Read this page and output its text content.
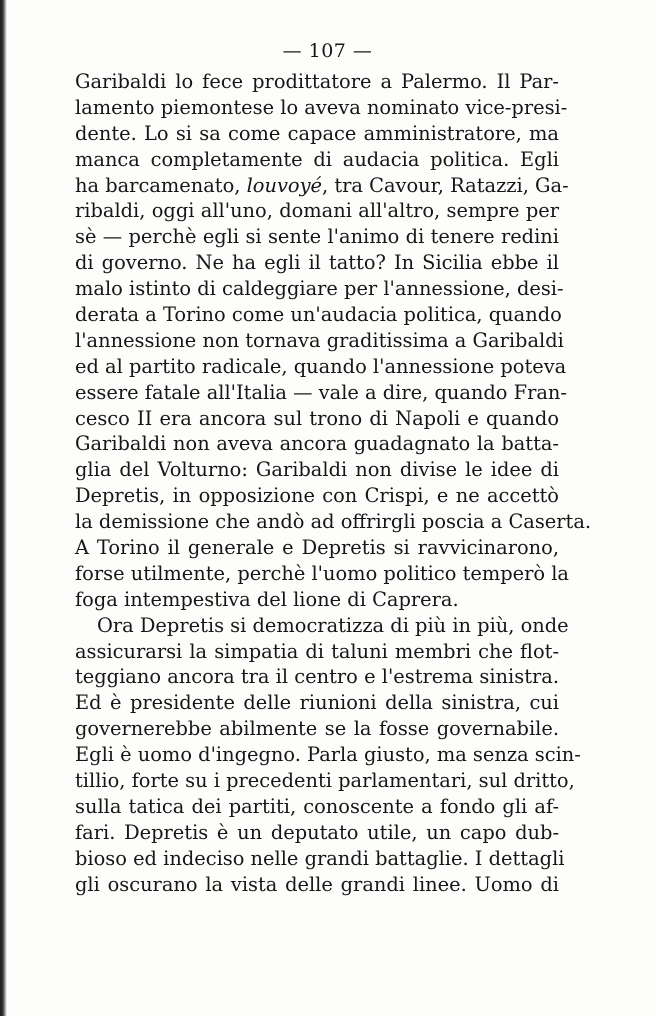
— 107 —
Garibaldi lo fece prodittatore a Palermo. Il Par-
lamento piemontese lo aveva nominato vice-presi-
dente. Lo si sa come capace amministratore, ma
manca completamente di audacia politica. Egli
ha barcamenato, louvoyé, tra Cavour, Ratazzi, Ga-
ribaldi, oggi all'uno, domani all'altro, sempre per
sè — perchè egli si sente l'animo di tenere redini
di governo. Ne ha egli il tatto? In Sicilia ebbe il
malo istinto di caldeggiare per l'annessione, desi-
derata a Torino come un'audacia politica, quando
l'annessione non tornava graditissima a Garibaldi
ed al partito radicale, quando l'annessione poteva
essere fatale all'Italia — vale a dire, quando Fran-
cesco II era ancora sul trono di Napoli e quando
Garibaldi non aveva ancora guadagnato la batta-
glia del Volturno: Garibaldi non divise le idee di
Depretis, in opposizione con Crispi, e ne accettò
la demissione che andò ad offrirgli poscia a Caserta.
A Torino il generale e Depretis si ravvicinarono,
forse utilmente, perchè l'uomo politico temperò la
foga intempestiva del lione di Caprera.
Ora Depretis si democratizza di più in più, onde
assicurarsi la simpatia di taluni membri che flot-
teggiano ancora tra il centro e l'estrema sinistra.
Ed è presidente delle riunioni della sinistra, cui
governerebbe abilmente se la fosse governabile.
Egli è uomo d'ingegno. Parla giusto, ma senza scin-
tillio, forte su i precedenti parlamentari, sul dritto,
sulla tatica dei partiti, conoscente a fondo gli af-
fari. Depretis è un deputato utile, un capo dub-
bioso ed indeciso nelle grandi battaglie. I dettagli
gli oscurano la vista delle grandi linee. Uomo di
